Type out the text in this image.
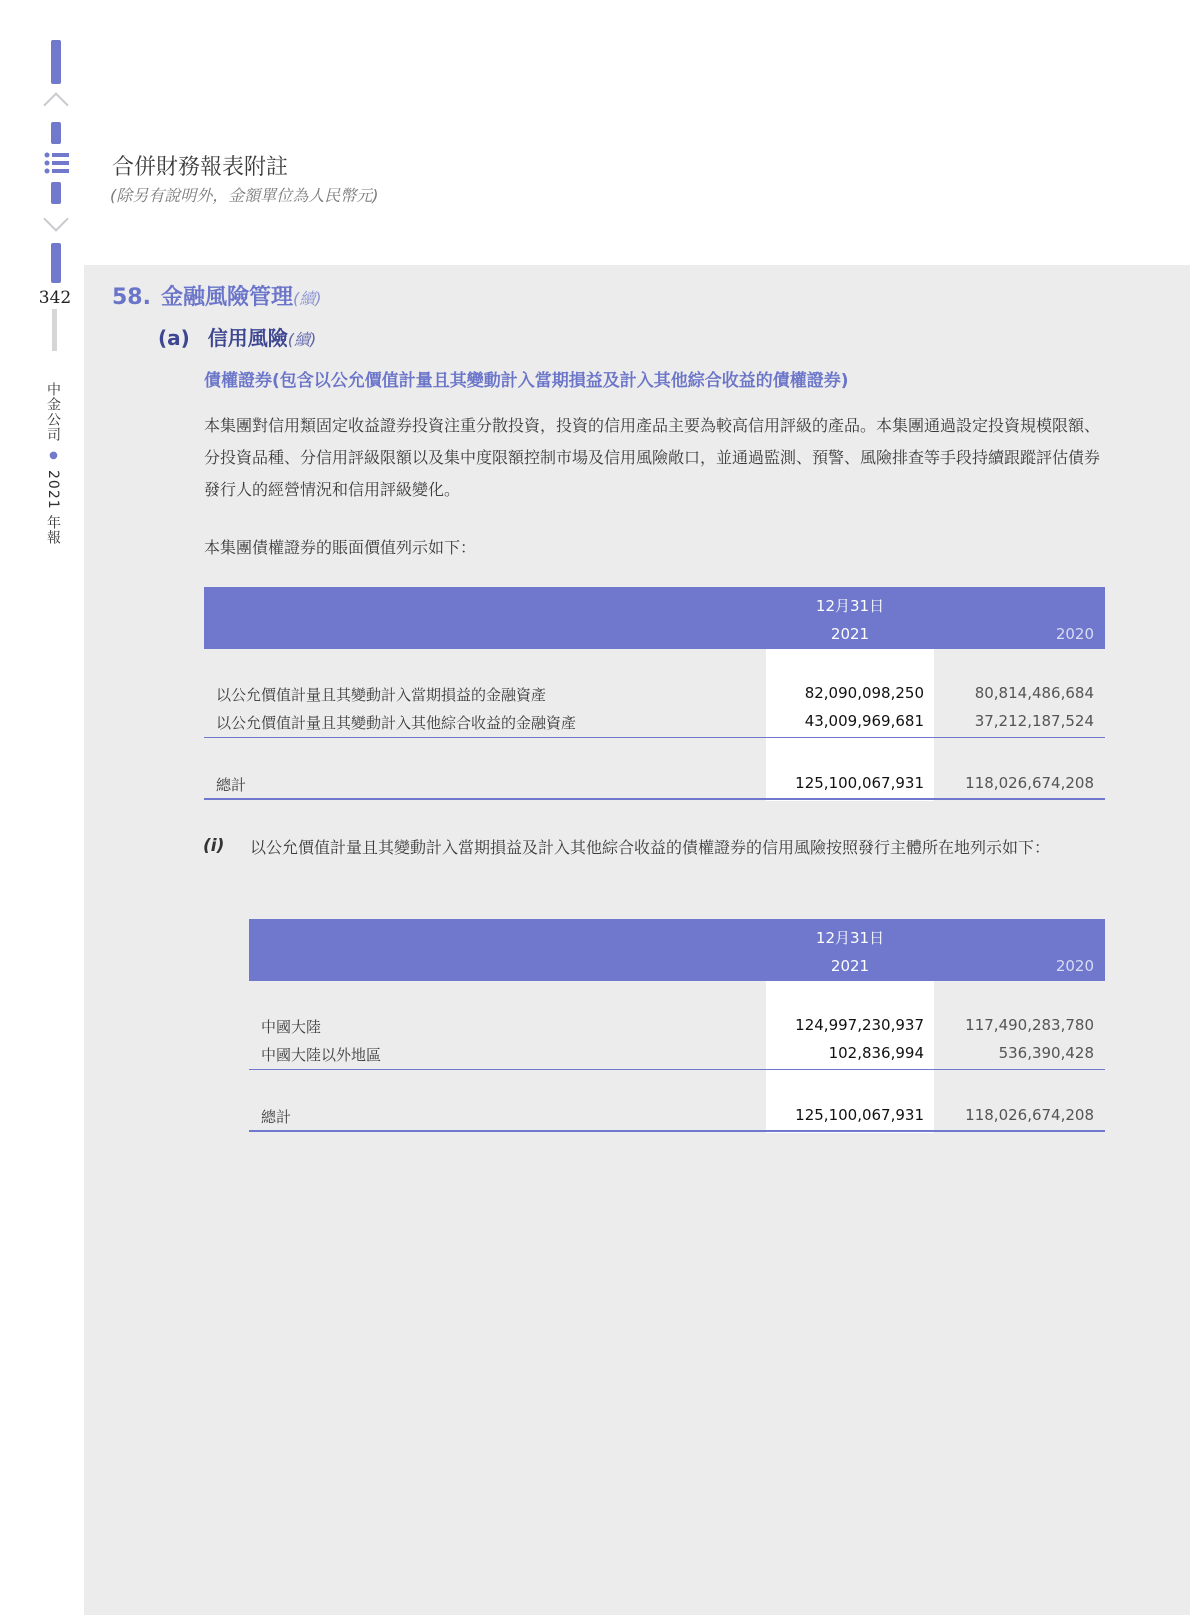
342
中金公司●2021 年報
合併財務報表附註
(除另有說明外，金額單位為人民幣元)
58. 金融風險管理(續)
(a) 信用風險(續)
債權證券(包含以公允價值計量且其變動計入當期損益及計入其他綜合收益的債權證券)
本集團對信用類固定收益證券投資注重分散投資，投資的信用產品主要為較高信用評級的產品。本集團通過設定投資規模限額、分投資品種、分信用評級限額以及集中度限額控制市場及信用風險敞口，並通過監測、預警、風險排查等手段持續跟蹤評估債券發行人的經營情況和信用評級變化。
本集團債權證券的賬面價值列示如下：
12月31日
2021	2020
以公允價值計量且其變動計入當期損益的金融資產	82,090,098,250	80,814,486,684
以公允價值計量且其變動計入其他綜合收益的金融資產	43,009,969,681	37,212,187,524
總計	125,100,067,931	118,026,674,208
(i) 以公允價值計量且其變動計入當期損益及計入其他綜合收益的債權證券的信用風險按照發行主體所在地列示如下：
12月31日
2021	2020
中國大陸	124,997,230,937	117,490,283,780
中國大陸以外地區	102,836,994	536,390,428
總計	125,100,067,931	118,026,674,208
